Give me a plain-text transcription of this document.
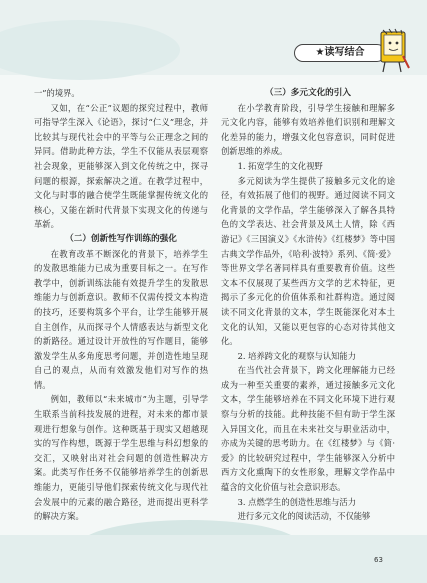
★读写结合

一”的境界。

又如，在“公正”议题的探究过程中，教师可指导学生深入《论语》，探讨“仁义”理念，并比较其与现代社会中的平等与公正理念之间的异同。借助此种方法，学生不仅能从表层观察社会现象，更能够深入到文化传统之中，探寻问题的根源，探索解决之道。在教学过程中，文化与时事的融合使学生既能掌握传统文化的核心，又能在新时代背景下实现文化的传递与革新。

（二）创新性写作训练的强化

在教育改革不断深化的背景下，培养学生的发散思维能力已成为重要目标之一。在写作教学中，创新训练法能有效提升学生的发散思维能力与创新意识。教师不仅需传授文本构造的技巧，还要构筑多个平台，让学生能够开展自主创作，从而探寻个人情感表达与新型文化的新路径。通过设计开放性的写作题目，能够激发学生从多角度思考问题，并创造性地呈现自己的观点，从而有效激发他们对写作的热情。

例如，教师以“未来城市”为主题，引导学生联系当前科技发展的进程，对未来的都市景观进行想象与创作。这种既基于现实又超越现实的写作构想，既源于学生思维与科幻想象的交汇，又映射出对社会问题的创造性解决方案。此类写作任务不仅能够培养学生的创新思维能力，更能引导他们探索传统文化与现代社会发展中的元素的融合路径，进而提出更科学的解决方案。

（三）多元文化的引入

在小学教育阶段，引导学生接触和理解多元文化内容，能够有效培养他们识别和理解文化差异的能力，增强文化包容意识，同时促进创新思维的养成。

1. 拓宽学生的文化视野

多元阅读为学生提供了接触多元文化的途径，有效拓展了他们的视野。通过阅读不同文化背景的文学作品，学生能够深入了解各具特色的文学表达、社会背景及风土人情，除《西游记》《三国演义》《水浒传》《红楼梦》等中国古典文学作品外，《哈利·波特》系列、《简·爱》等世界文学名著同样具有重要教育价值。这些文本不仅展现了某些西方文学的艺术特征，更揭示了多元化的价值体系和社群构造。通过阅读不同文化背景的文本，学生既能深化对本土文化的认知，又能以更包容的心态对待其他文化。

2. 培养跨文化的观察与认知能力

在当代社会背景下，跨文化理解能力已经成为一种至关重要的素养，通过接触多元文化文本，学生能够培养在不同文化环境下进行观察与分析的技能。此种技能不但有助于学生深入异国文化，而且在未来社交与职业活动中，亦成为关键的思考助力。在《红楼梦》与《简·爱》的比较研究过程中，学生能够深入分析中西方文化熏陶下的女性形象，理解文学作品中蕴含的文化价值与社会意识形态。

3. 点燃学生的创造性思维与活力

进行多元文化的阅读活动，不仅能够

63
